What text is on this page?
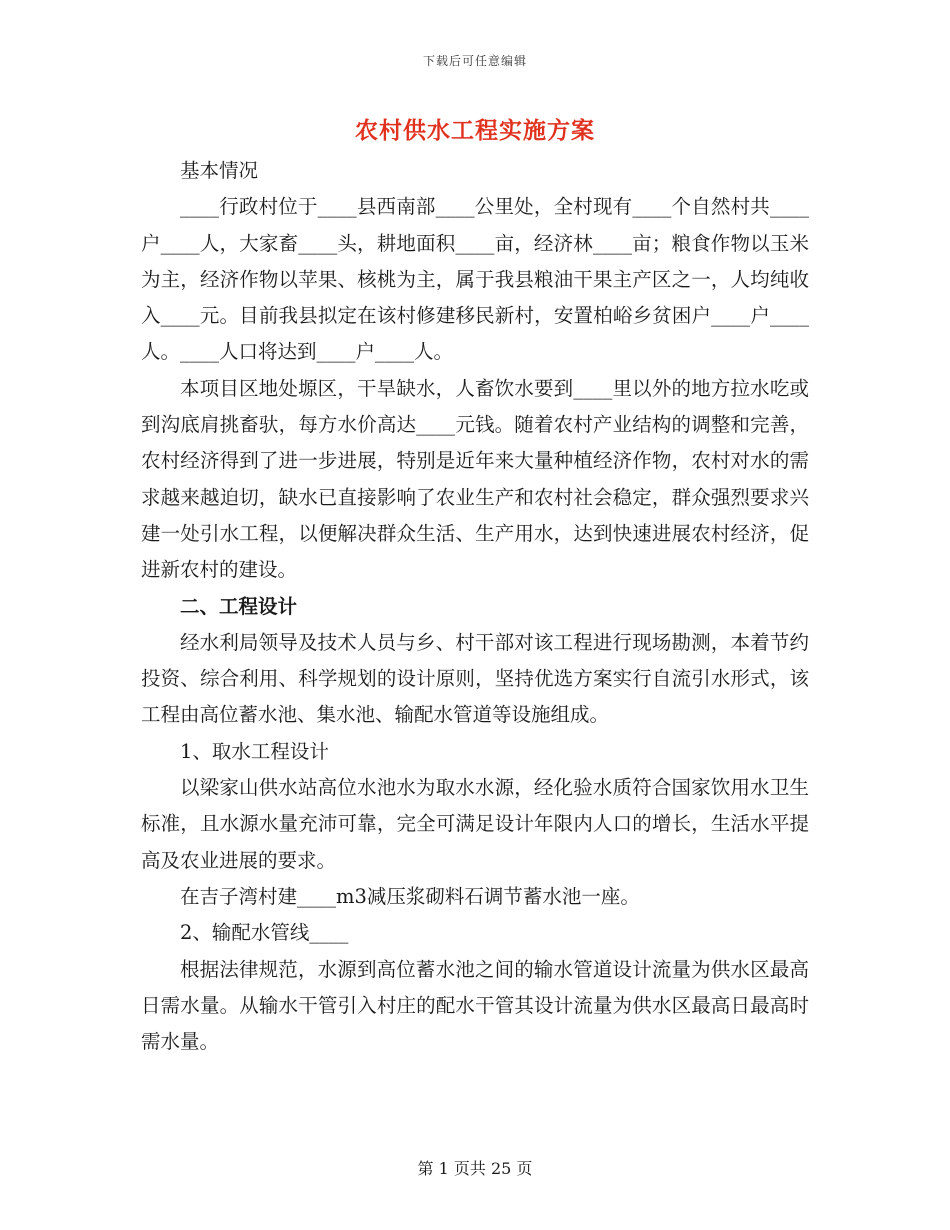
下载后可任意编辑
农村供水工程实施方案

基本情况

____行政村位于____县西南部____公里处，全村现有____个自然村共____户____人，大家畜____头，耕地面积____亩，经济林____亩；粮食作物以玉米为主，经济作物以苹果、核桃为主，属于我县粮油干果主产区之一，人均纯收入____元。目前我县拟定在该村修建移民新村，安置柏峪乡贫困户____户____人。____人口将达到____户____人。

本项目区地处塬区，干旱缺水，人畜饮水要到____里以外的地方拉水吃或到沟底肩挑畜驮，每方水价高达____元钱。随着农村产业结构的调整和完善，农村经济得到了进一步进展，特别是近年来大量种植经济作物，农村对水的需求越来越迫切，缺水已直接影响了农业生产和农村社会稳定，群众强烈要求兴建一处引水工程，以便解决群众生活、生产用水，达到快速进展农村经济，促进新农村的建设。

二、工程设计

经水利局领导及技术人员与乡、村干部对该工程进行现场勘测，本着节约投资、综合利用、科学规划的设计原则，坚持优选方案实行自流引水形式，该工程由高位蓄水池、集水池、输配水管道等设施组成。

1、取水工程设计

以梁家山供水站高位水池水为取水水源，经化验水质符合国家饮用水卫生标准，且水源水量充沛可靠，完全可满足设计年限内人口的增长，生活水平提高及农业进展的要求。

在吉子湾村建____m3减压浆砌料石调节蓄水池一座。

2、输配水管线____

根据法律规范，水源到高位蓄水池之间的输水管道设计流量为供水区最高日需水量。从输水干管引入村庄的配水干管其设计流量为供水区最高日最高时需水量。

第 1 页共 25 页
